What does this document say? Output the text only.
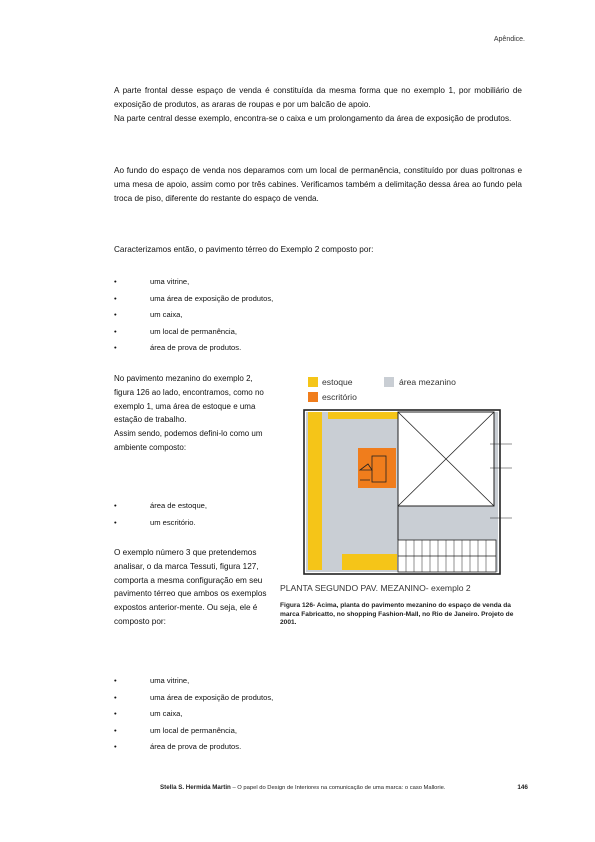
Apêndice.

A parte frontal desse espaço de venda é constituída da mesma forma que no exemplo 1, por mobiliário de exposição de produtos, as araras de roupas e por um balcão de apoio.

Na parte central desse exemplo, encontra-se o caixa e um prolongamento da área de exposição de produtos.

Ao fundo do espaço de venda nos deparamos com um local de permanência, constituído por duas poltronas e uma mesa de apoio, assim como por três cabines. Verificamos também a delimitação dessa área ao fundo pela troca de piso, diferente do restante do espaço de venda.
Caracterizamos então, o pavimento térreo do Exemplo 2 composto por:
•	uma vitrine,
•	uma área de exposição de produtos,
•	um caixa,
•	um local de permanência,
•	área de prova de produtos.

No pavimento mezanino do exemplo 2, figura 126 ao lado, encontramos, como no exemplo 1, uma área de estoque e uma estação de trabalho.

Assim sendo, podemos defini-lo como um ambiente composto:

•	área de estoque,
•	um escritório.
O exemplo número 3 que pretendemos analisar, o da marca Tessuti, figura 127, comporta a mesma configuração em seu pavimento térreo que ambos os exemplos expostos anterior-mente. Ou seja, ele é composto por:
•	uma vitrine,
•	uma área de exposição de produtos,
•	um caixa,
•	um local de permanência,
•	área de prova de produtos.
estoque	área mezanino
escritório
PLANTA SEGUNDO PAV. MEZANINO- exemplo 2
Figura 126- Acima, planta do pavimento mezanino do espaço de venda da marca Fabricatto, no shopping Fashion-Mall, no Rio de Janeiro. Projeto de 2001.
Stella S. Hermida Martin – O papel do Design de Interiores na comunicação de uma marca: o caso Mallorie.	146
